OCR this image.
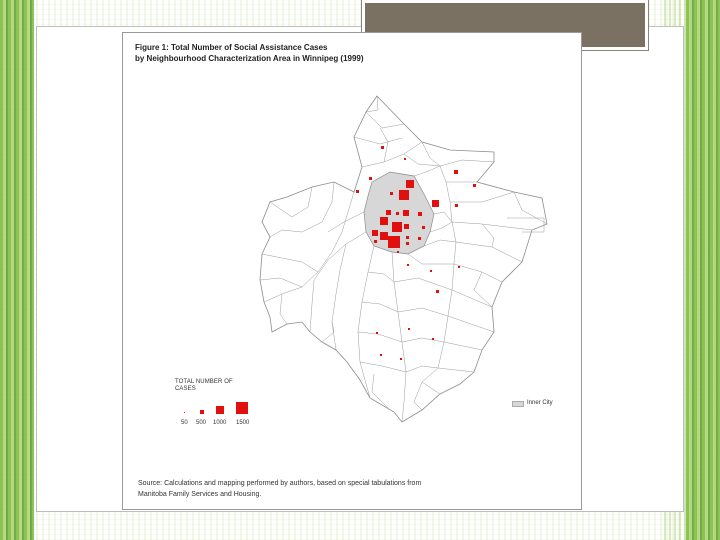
Figure 1: Total Number of Social Assistance Cases
by Neighbourhood Characterization Area in Winnipeg (1999)
TOTAL NUMBER OF
CASES
50 500 1000 1500
Inner City
Source: Calculations and mapping performed by authors, based on special tabulations from
Manitoba Family Services and Housing.
